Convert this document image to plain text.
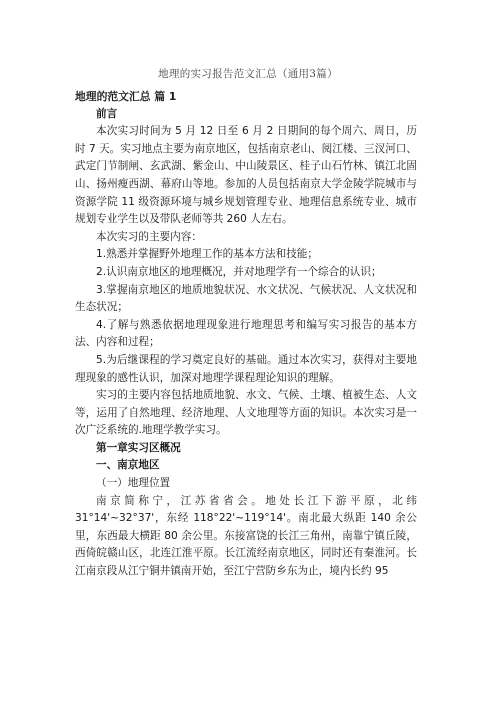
地理的实习报告范文汇总（通用3篇）

地理的范文汇总 篇 1

前言

本次实习时间为 5 月 12 日至 6 月 2 日期间的每个周六、周日，历时 7 天。实习地点主要为南京地区，包括南京老山、阅江楼、三汊河口、武定门节制闸、玄武湖、紫金山、中山陵景区、桂子山石竹林、镇江北固山、扬州瘦西湖、幕府山等地。参加的人员包括南京大学金陵学院城市与资源学院 11 级资源环境与城乡规划管理专业、地理信息系统专业、城市规划专业学生以及带队老师等共 260 人左右。

本次实习的主要内容：

1.熟悉并掌握野外地理工作的基本方法和技能；

2.认识南京地区的地理概况，并对地理学有一个综合的认识；

3.掌握南京地区的地质地貌状况、水文状况、气候状况、人文状况和生态状况；

4.了解与熟悉依据地理现象进行地理思考和编写实习报告的基本方法、内容和过程；

5.为后继课程的学习奠定良好的基础。通过本次实习，获得对主要地理现象的感性认识，加深对地理学课程理论知识的理解。

实习的主要内容包括地质地貌、水文、气候、土壤、植被生态、人文等，运用了自然地理、经济地理、人文地理等方面的知识。本次实习是一次广泛系统的.地理学教学实习。

第一章实习区概况

一、南京地区

（一）地理位置

南京简称宁，江苏省省会。地处长江下游平原，北纬 31°14'~32°37'，东经 118°22'~119°14'。南北最大纵距 140 余公里，东西最大横距 80 余公里。东接富饶的长江三角州，南靠宁镇丘陵，西倚皖赣山区，北连江淮平原。长江流经南京地区，同时还有秦淮河。长江南京段从江宁铜井镇南开始，至江宁营防乡东为止，境内长约 95
